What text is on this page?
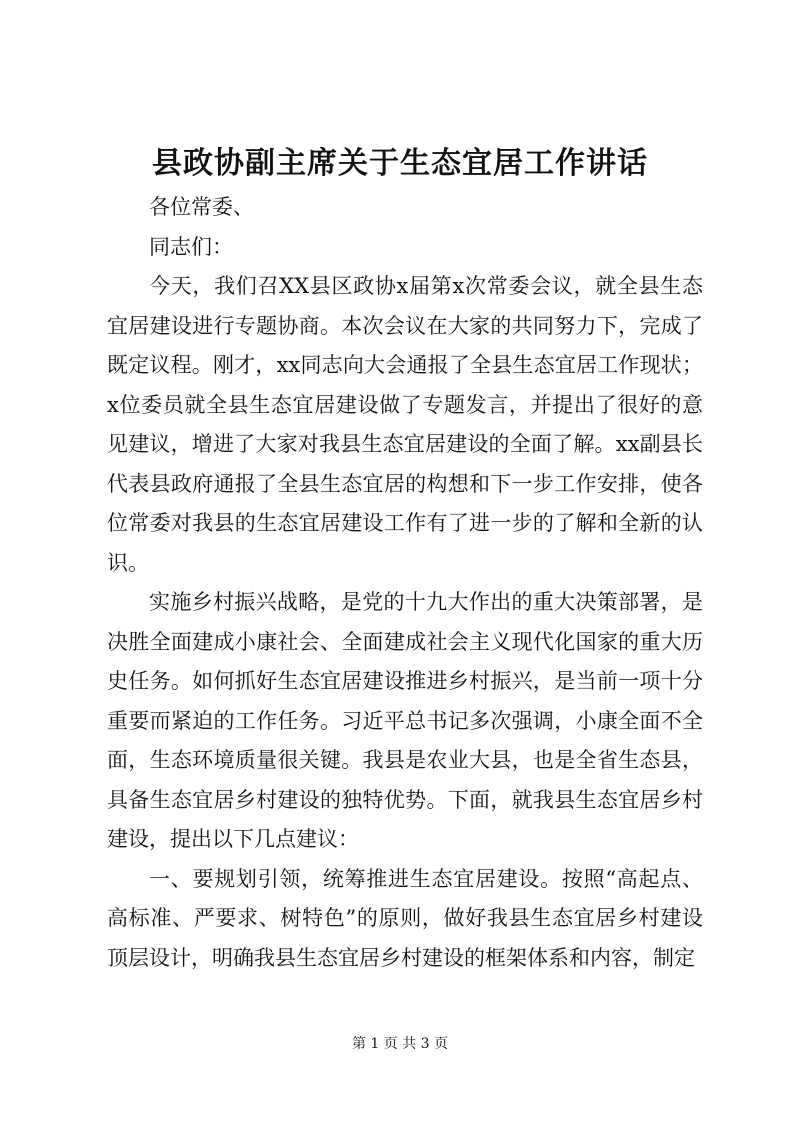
县政协副主席关于生态宜居工作讲话

各位常委、

同志们：

今天，我们召XX县区政协x届第x次常委会议，就全县生态宜居建设进行专题协商。本次会议在大家的共同努力下，完成了既定议程。刚才，xx同志向大会通报了全县生态宜居工作现状；x位委员就全县生态宜居建设做了专题发言，并提出了很好的意见建议，增进了大家对我县生态宜居建设的全面了解。xx副县长代表县政府通报了全县生态宜居的构想和下一步工作安排，使各位常委对我县的生态宜居建设工作有了进一步的了解和全新的认识。

实施乡村振兴战略，是党的十九大作出的重大决策部署，是决胜全面建成小康社会、全面建成社会主义现代化国家的重大历史任务。如何抓好生态宜居建设推进乡村振兴，是当前一项十分重要而紧迫的工作任务。习近平总书记多次强调，小康全面不全面，生态环境质量很关键。我县是农业大县，也是全省生态县，具备生态宜居乡村建设的独特优势。下面，就我县生态宜居乡村建设，提出以下几点建议：

一、要规划引领，统筹推进生态宜居建设。按照“高起点、高标准、严要求、树特色”的原则，做好我县生态宜居乡村建设顶层设计，明确我县生态宜居乡村建设的框架体系和内容，制定

第 1 页 共 3 页
